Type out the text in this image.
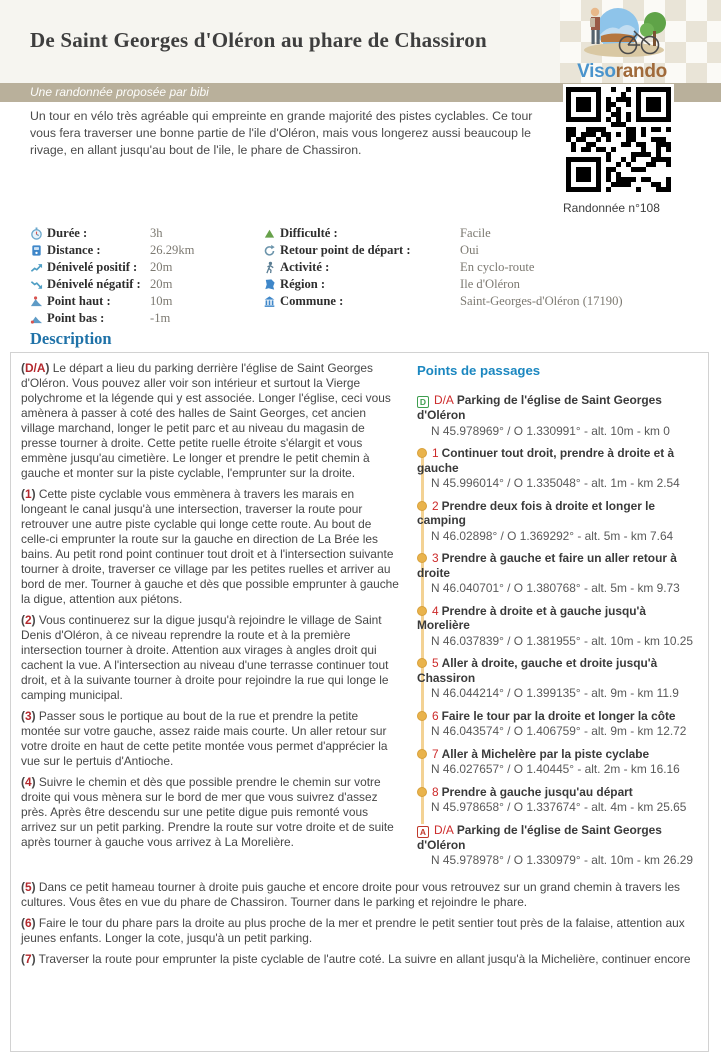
De Saint Georges d'Oléron au phare de Chassiron
Une randonnée proposée par bibi
Visorando
Randonnée n°108
Un tour en vélo très agréable qui empreinte en grande majorité des pistes cyclables. Ce tour vous fera traverser une bonne partie de l'ile d'Oléron, mais vous longerez aussi beaucoup le rivage, en allant jusqu'au bout de l'ile, le phare de Chassiron.
Durée :	3h
Distance :	26.29km
Dénivelé positif :	20m
Dénivelé négatif : 20m
Point haut :	10m
Point bas :	-1m
Difficulté :	Facile
Retour point de départ :	Oui
Activité :	En cyclo-route
Région :	Ile d'Oléron
Commune :	Saint-Georges-d'Oléron (17190)
Description

(D/A) Le départ a lieu du parking derrière l'église de Saint Georges d'Oléron. Vous pouvez aller voir son intérieur et surtout la Vierge polychrome et la légende qui y est associée. Longer l'église, ceci vous amènera à passer à coté des halles de Saint Georges, cet ancien village marchand, longer le petit parc et au niveau du magasin de presse tourner à droite. Cette petite ruelle étroite s'élargit et vous emmène jusqu'au cimetière. Le longer et prendre le petit chemin à gauche et monter sur la piste cyclable, l'emprunter sur la droite.

(1) Cette piste cyclable vous emmènera à travers les marais en longeant le canal jusqu'à une intersection, traverser la route pour retrouver une autre piste cyclable qui longe cette route. Au bout de celle-ci emprunter la route sur la gauche en direction de La Brée les bains. Au petit rond point continuer tout droit et à l'intersection suivante tourner à droite, traverser ce village par les petites ruelles et arriver au bord de mer. Tourner à gauche et dès que possible emprunter à gauche la digue, attention aux piétons.

(2) Vous continuerez sur la digue jusqu'à rejoindre le village de Saint Denis d'Oléron, à ce niveau reprendre la route et à la première intersection tourner à droite. Attention aux virages à angles droit qui cachent la vue. A l'intersection au niveau d'une terrasse continuer tout droit, et à la suivante tourner à droite pour rejoindre la rue qui longe le camping municipal.

(3) Passer sous le portique au bout de la rue et prendre la petite montée sur votre gauche, assez raide mais courte. Un aller retour sur votre droite en haut de cette petite montée vous permet d'apprécier la vue sur le pertuis d'Antioche.

(4) Suivre le chemin et dès que possible prendre le chemin sur votre droite qui vous mènera sur le bord de mer que vous suivrez d'assez près. Après être descendu sur une petite digue puis remonté vous arrivez sur un petit parking. Prendre la route sur votre droite et de suite après tourner à gauche vous arrivez à La Morelière.

Points de passages
D D/A Parking de l'église de Saint Georges d'Oléron
N 45.978969° / O 1.330991° - alt. 10m - km 0
1 Continuer tout droit, prendre à droite et à gauche
N 45.996014° / O 1.335048° - alt. 1m - km 2.54
2 Prendre deux fois à droite et longer le camping
N 46.02898° / O 1.369292° - alt. 5m - km 7.64
3 Prendre à gauche et faire un aller retour à droite
N 46.040701° / O 1.380768° - alt. 5m - km 9.73
4 Prendre à droite et à gauche jusqu'à Morelière
N 46.037839° / O 1.381955° - alt. 10m - km 10.25
5 Aller à droite, gauche et droite jusqu'à Chassiron
N 46.044214° / O 1.399135° - alt. 9m - km 11.9
6 Faire le tour par la droite et longer la côte
N 46.043574° / O 1.406759° - alt. 9m - km 12.72
7 Aller à Michelère par la piste cyclabe
N 46.027657° / O 1.40445° - alt. 2m - km 16.16
8 Prendre à gauche jusqu'au départ
N 45.978658° / O 1.337674° - alt. 4m - km 25.65
A D/A Parking de l'église de Saint Georges d'Oléron
N 45.978978° / O 1.330979° - alt. 10m - km 26.29

(5) Dans ce petit hameau tourner à droite puis gauche et encore droite pour vous retrouvez sur un grand chemin à travers les cultures. Vous êtes en vue du phare de Chassiron. Tourner dans le parking et rejoindre le phare.

(6) Faire le tour du phare pars la droite au plus proche de la mer et prendre le petit sentier tout près de la falaise, attention aux jeunes enfants. Longer la cote, jusqu'à un petit parking.

(7) Traverser la route pour emprunter la piste cyclable de l'autre coté. La suivre en allant jusqu'à la Michelière, continuer encore
